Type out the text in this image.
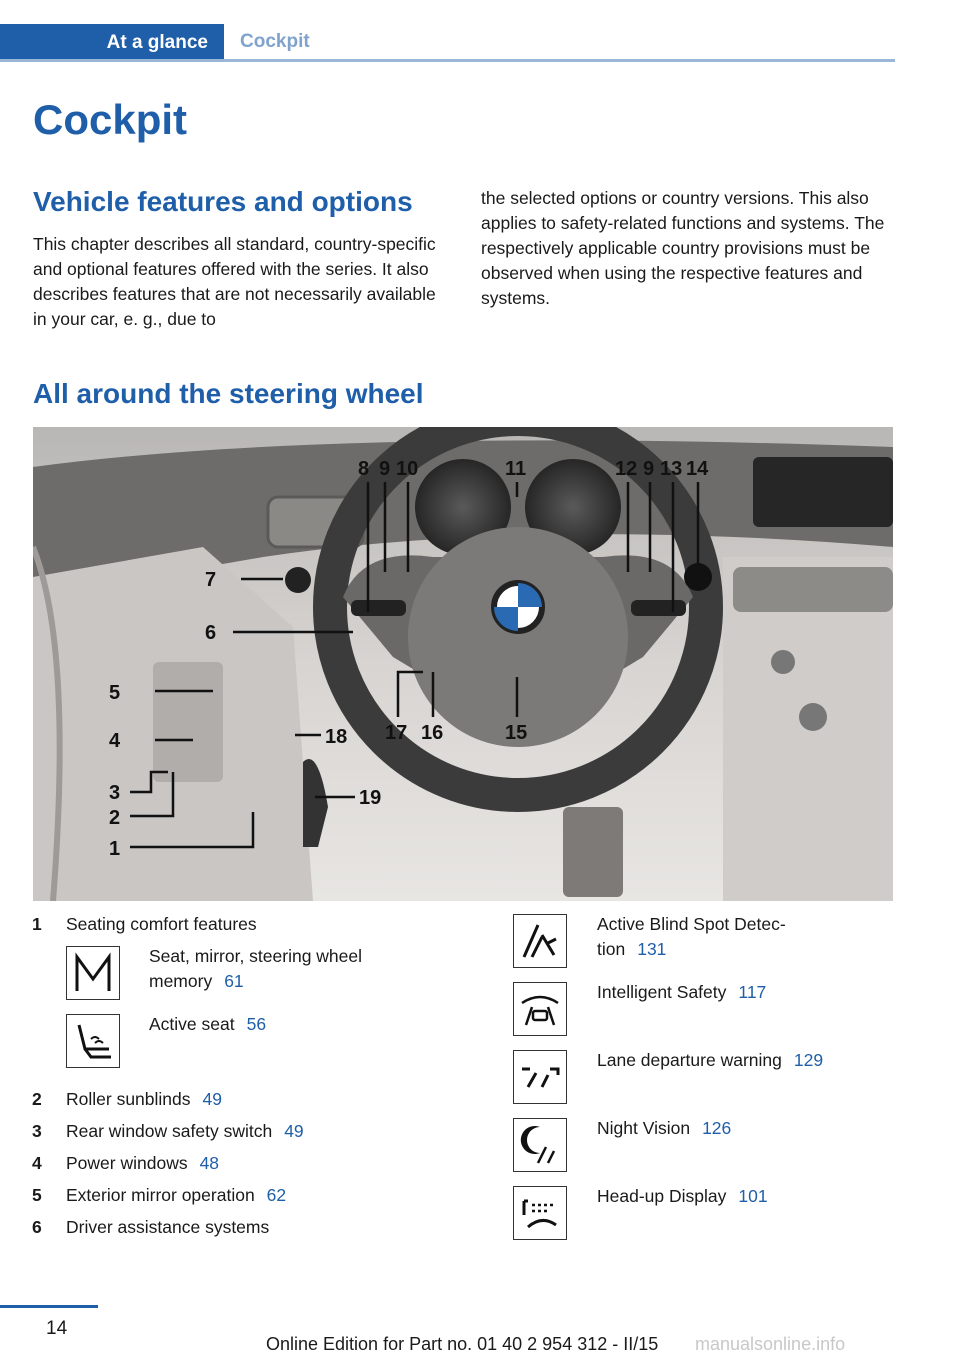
At a glance	Cockpit
Cockpit
Vehicle features and options

This chapter describes all standard, country-specific and optional features offered with the series. It also describes features that are not necessarily available in your car, e. g., due to

the selected options or country versions. This also applies to safety-related functions and systems. The respectively applicable country provisions must be observed when using the respective features and systems.

All around the steering wheel
1
2
3
4
5
6
7
8 9 10	11	12 9 13 14
15
16
17
18
19
1 Seating comfort features
Seat, mirror, steering wheel memory 61
Active seat 56
2 Roller sunblinds 49
3 Rear window safety switch 49
4 Power windows 48
5 Exterior mirror operation 62
6 Driver assistance systems
Active Blind Spot Detec-
tion 131
Intelligent Safety 117
Lane departure warning 129
Night Vision 126
Head-up Display 101
14
Online Edition for Part no. 01 40 2 954 312 - II/15 manualsonline.info
